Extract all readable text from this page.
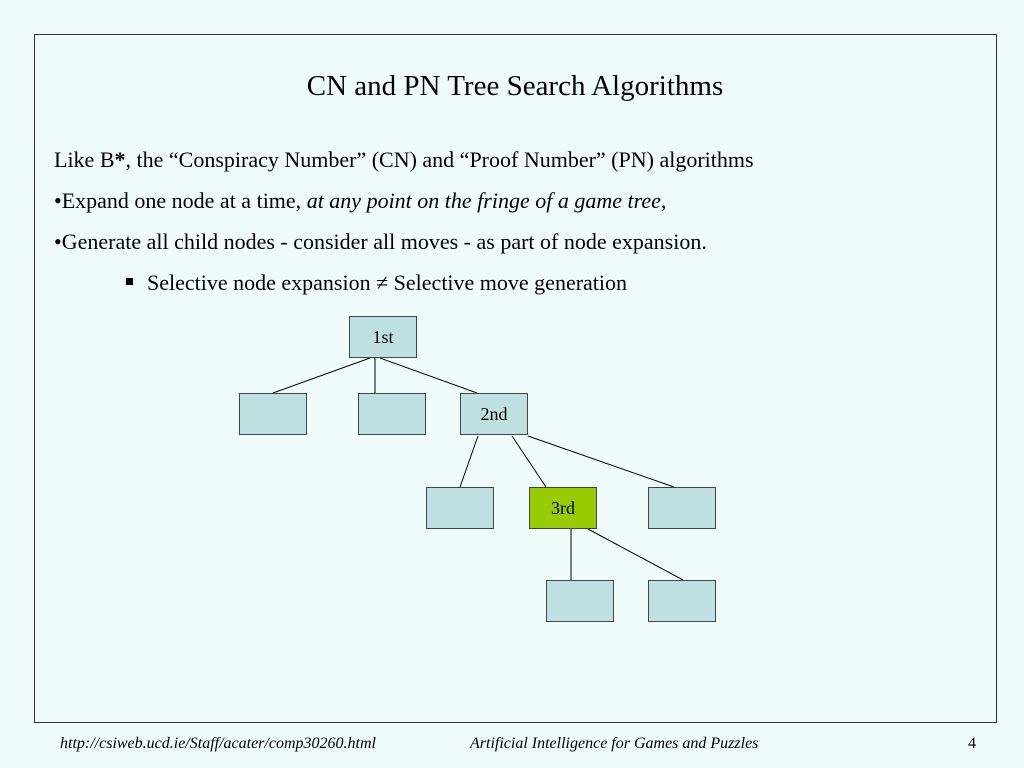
CN and PN Tree Search Algorithms
Like B*, the “Conspiracy Number” (CN) and “Proof Number” (PN) algorithms
•Expand one node at a time, at any point on the fringe of a game tree,
•Generate all child nodes - consider all moves - as part of node expansion.
Selective node expansion ≠ Selective move generation
1st
2nd
3rd
http://csiweb.ucd.ie/Staff/acater/comp30260.html	Artificial Intelligence for Games and Puzzles	4
